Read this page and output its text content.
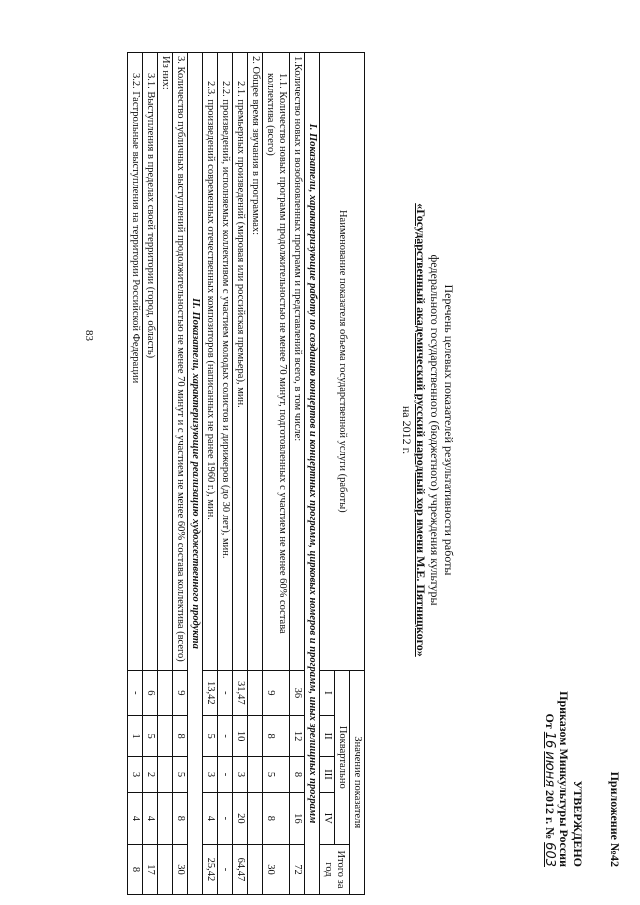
83
Приложение №42
УТВЕРЖДЕНО
Приказом Минкультуры России
От 16 июня 2012 г. № 603
Перечень целевых показателей результативности работы
федерального государственного (бюджетного) учреждения культуры
«Государственный академический русский народный хор имени М.Е. Пятницкого»
на 2012 г.
Наименование показателя объема государственной услуги (работы)	Значение показателя				
	Поквартально				Итого за год
	I	II	III	IV	
I. Показатели, характеризующие работу по созданию концертов и концертных программ, цирковых номеров и программ, иных зрелищных программ					
1.Количество новых и возобновленных программ и представлений всего, в том числе:	36	12	8	16	72
1.1. Количество новых программ продолжительностью не менее 70 минут, подготовленных с участием не менее 60% состава коллектива (всего)	9	8	5	8	30
2. Общее время звучания в программах:					
2.1. премьерных произведений (мировая или российская премьера), мин.	31,47	10	3	20	64,47
2.2. произведений, исполняемых коллективом с участием молодых солистов и дирижеров (до 30 лет), мин.	-	-	-	-	-
2.3. произведений современных отечественных композиторов (написанных не ранее 1960 г.), мин.	13,42	5	3	4	25,42
II. Показатели, характеризующие реализацию художественного продукта					
3. Количество публичных выступлений продолжительностью не менее 70 минут и с участием не менее 60% состава коллектива (всего)	9	8	5	8	30
Из них:					
3.1. Выступления в пределах своей территории (город, область)	6	5	2	4	17
3.2. Гастрольные выступления на территории Российской Федерации	-	1	3	4	8
